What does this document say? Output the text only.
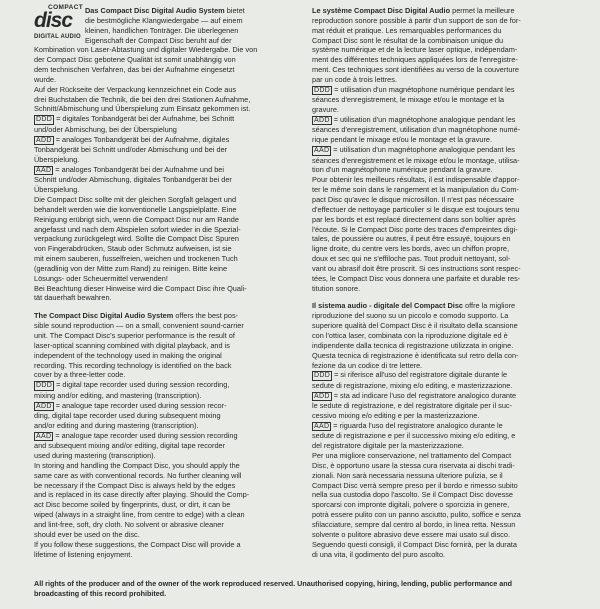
COMPACT
disc
DIGITAL AUDIO

Das Compact Disc Digital Audio System bietet

die bestmögliche Klangwiedergabe — auf einem

kleinen, handlichen Tonträger. Die überlegenen

Eigenschaft der Compact Disc beruht auf der

Kombination von Laser-Abtastung und digitaler Wiedergabe. Die von

der Compact Disc gebotene Qualität ist somit unabhängig von

dem technischen Verfahren, das bei der Aufnahme eingesetzt

wurde.

Auf der Rückseite der Verpackung kennzeichnet ein Code aus

drei Buchstaben die Technik, die bei den drei Stationen Aufnahme,

Schnitt/Abmischung und Überspielung zum Einsatz gekommen ist.

DDD = digitales Tonbandgerät bei der Aufnahme, bei Schnitt

und/oder Abmischung, bei der Überspielung

ADD = analoges Tonbandgerät bei der Aufnahme, digitales

Tonbandgerät bei Schnitt und/oder Abmischung und bei der

Überspielung.

AAD = analoges Tonbandgerät bei der Aufnahme und bei

Schnitt und/oder Abmischung, digitales Tonbandgerät bei der

Überspielung.

Die Compact Disc sollte mit der gleichen Sorgfalt gelagert und

behandelt werden wie die konventionelle Langspielplatte. Eine

Reinigung erübrigt sich, wenn die Compact Disc nur am Rande

angefasst und nach dem Abspielen sofort wieder in die Spezial-

verpackung zurückgelegt wird. Sollte die Compact Disc Spuren

von Fingerabdrücken, Staub oder Schmutz aufweisen, ist sie

mit einem sauberen, fusselfreien, weichen und trockenen Tuch

(geradlinig von der Mitte zum Rand) zu reinigen. Bitte keine

Lösungs- oder Scheuermittel verwenden!

Bei Beachtung dieser Hinweise wird die Compact Disc ihre Quali-

tät dauerhaft bewahren.

The Compact Disc Digital Audio System offers the best pos-

sible sound reproduction — on a small, convenient sound-carrier

unit. The Compact Disc's superior performance is the result of

laser-optical scanning combined with digital playback, and is

independent of the technology used in making the original

recording. This recording technology is identified on the back

cover by a three-letter code.

DDD = digital tape recorder used during session recording,

mixing and/or editing, and mastering (transcription).

ADD = analogue tape recorder used during session recor-

ding, digital tape recorder used during subsequent mixing

and/or editing and during mastering (transcription).

AAD = analogue tape recorder used during session recording

and subsequent mixing and/or editing, digital tape recorder

used during mastering (transcription).

In storing and handling the Compact Disc, you should apply the

same care as with conventional records. No further cleaning will

be necessary if the Compact Disc is always held by the edges

and is replaced in its case directly after playing. Should the Comp-

act Disc become soiled by fingerprints, dust, or dirt, it can be

wiped (always in a straight line, from centre to edge) with a clean

and lint-free, soft, dry cloth. No solvent or abrasive cleaner

should ever be used on the disc.

If you follow these suggestions, the Compact Disc will provide a

lifetime of listening enjoyment.

Le système Compact Disc Digital Audio permet la meilleure

reproduction sonore possible à partir d'un support de son de for-

mat réduit et pratique. Les remarquables performances du

Compact Disc sont le résultat de la combinaison unique du

système numérique et de la lecture laser optique, indépendam-

ment des différentes techniques appliquées lors de l'enregistre-

ment. Ces techniques sont identifiées au verso de la couverture

par un code à trois lettres.

DDD = utilisation d'un magnétophone numérique pendant les

séances d'enregistrement, le mixage et/ou le montage et la

gravure.

ADD = utilisation d'un magnétophone analogique pendant les

séances d'enregistrement, utilisation d'un magnétophone numé-

rique pendant le mixage et/ou le montage et la gravure.

AAD = utilisation d'un magnétophone analogique pendant les

séances d'enregistrement et le mixage et/ou le montage, utilisa-

tion d'un magnétophone numérique pendant la gravure.

Pour obtenir les meilleurs résultats, il est indispensable d'appor-

ter le même soin dans le rangement et la manipulation du Com-

pact Disc qu'avec le disque microsillon. Il n'est pas nécessaire

d'effectuer de nettoyage particulier si le disque est toujours tenu

par les bords et est replacé directement dans son boîtier après

l'écoute. Si le Compact Disc porte des traces d'empreintes digi-

tales, de poussière ou autres, il peut être essuyé, toujours en

ligne droite, du centre vers les bords, avec un chiffon propre,

doux et sec qui ne s'effiloche pas. Tout produit nettoyant, sol-

vant ou abrasif doit être proscrit. Si ces instructions sont respec-

tées, le Compact Disc vous donnera une parfaite et durable res-

titution sonore.

Il sistema audio - digitale del Compact Disc offre la migliore

riproduzione del suono su un piccolo e comodo supporto. La

superiore qualità del Compact Disc è il risultato della scansione

con l'ottica laser, combinata con la riproduzione digitale ed è

indipendente dalla tecnica di registrazione utilizzata in origine.

Questa tecnica di registrazione è identificata sul retro della con-

fezione da un codice di tre lettere.

DDD = si riferisce all'uso del registratore digitale durante le

sedute di registrazione, mixing e/o editing, e masterizzazione.

ADD = sta ad indicare l'uso del registratore analogico durante

le sedute di registrazione, e del registratore digitale per il suc-

cessivo mixing e/o editing e per la masterizzazione.

AAD = riguarda l'uso del registratore analogico durante le

sedute di registrazione e per il successivo mixing e/o editing, e

del registratore digitale per la masterizzazione.

Per una migliore conservazione, nel trattamento del Compact

Disc, è opportuno usare la stessa cura riservata ai dischi tradi-

zionali. Non sarà necessaria nessuna ulteriore pulizia, se il

Compact Disc verrà sempre preso per il bordo e rimesso subito

nella sua custodia dopo l'ascolto. Se il Compact Disc dovesse

sporcarsi con impronte digitali, polvere o sporcizia in genere,

potrà essere pulito con un panno asciutto, pulito, soffice e senza

sfilacciature, sempre dal centro al bordo, in linea retta. Nessun

solvente o pulitore abrasivo deve essere mai usato sul disco.

Seguendo questi consigli, il Compact Disc fornirà, per la durata

di una vita, il godimento del puro ascolto.

All rights of the producer and of the owner of the work reproduced reserved. Unauthorised copying, hiring, lending, public performance and

broadcasting of this record prohibited.
